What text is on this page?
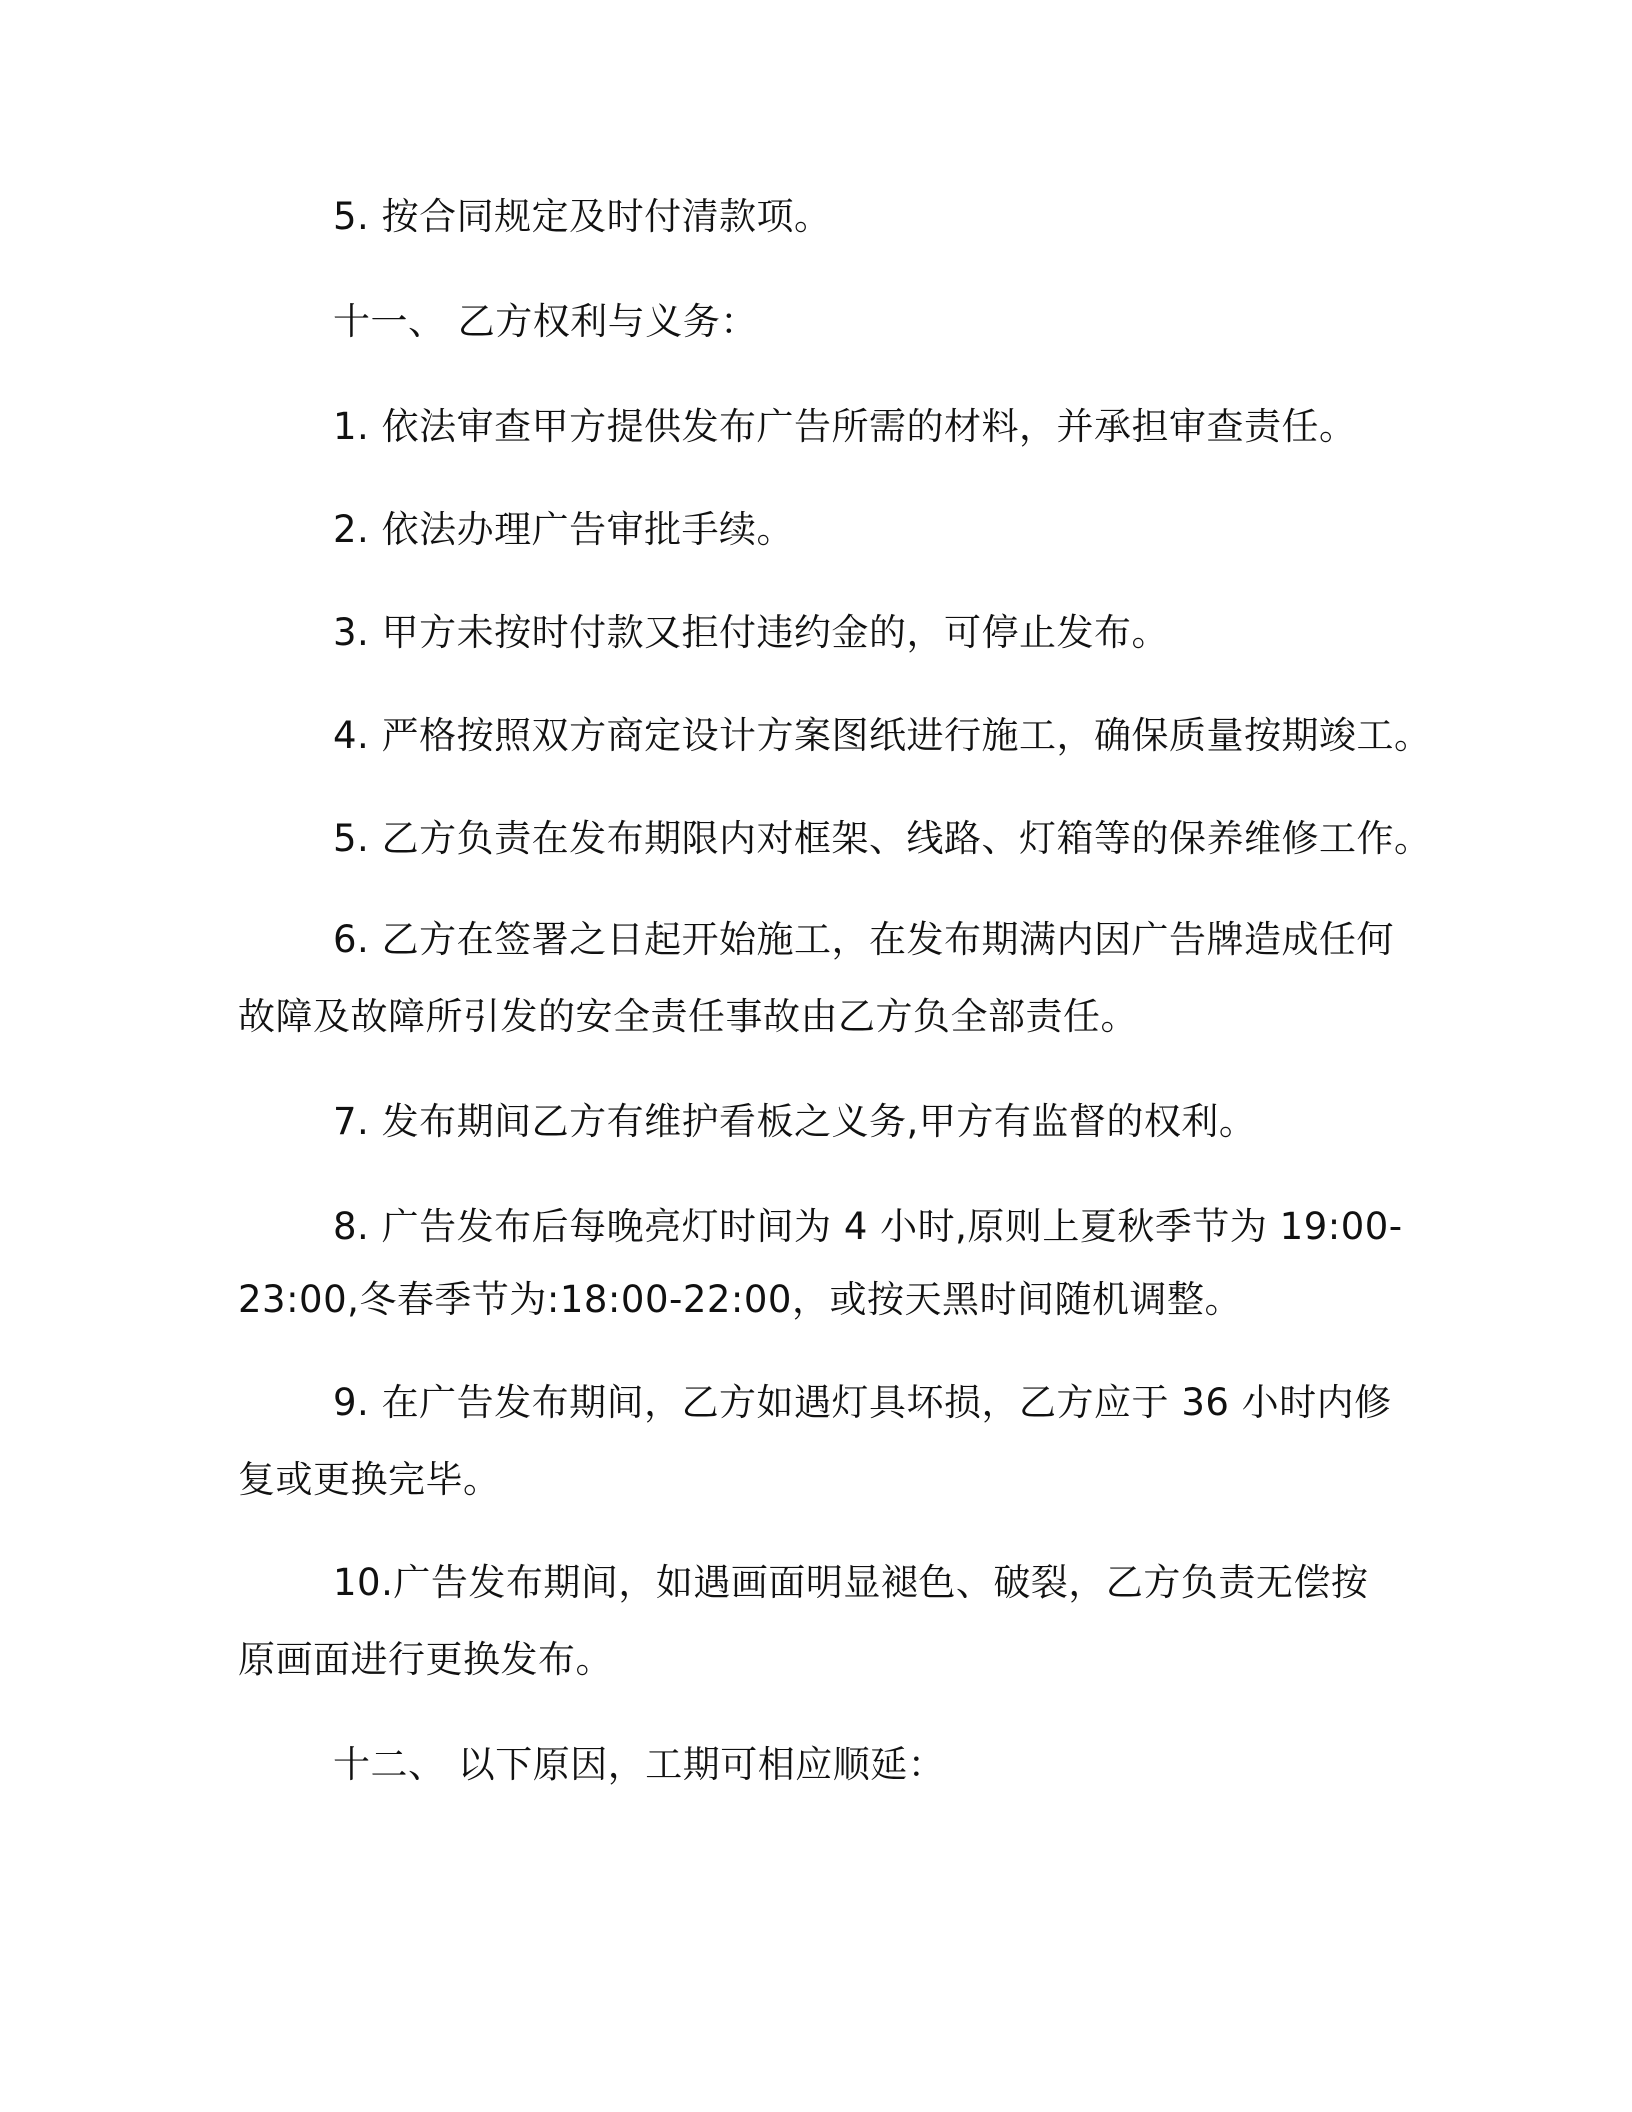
5. 按合同规定及时付清款项。
十一、 乙方权利与义务：
1. 依法审查甲方提供发布广告所需的材料，并承担审查责任。
2. 依法办理广告审批手续。
3. 甲方未按时付款又拒付违约金的，可停止发布。
4. 严格按照双方商定设计方案图纸进行施工，确保质量按期竣工。
5. 乙方负责在发布期限内对框架、线路、灯箱等的保养维修工作。
6. 乙方在签署之日起开始施工，在发布期满内因广告牌造成任何
故障及故障所引发的安全责任事故由乙方负全部责任。
7. 发布期间乙方有维护看板之义务,甲方有监督的权利。
8. 广告发布后每晚亮灯时间为 4 小时,原则上夏秋季节为 19:00-
23:00,冬春季节为:18:00-22:00，或按天黑时间随机调整。
9. 在广告发布期间，乙方如遇灯具坏损，乙方应于 36 小时内修
复或更换完毕。
10.广告发布期间，如遇画面明显褪色、破裂，乙方负责无偿按
原画面进行更换发布。
十二、 以下原因，工期可相应顺延：
